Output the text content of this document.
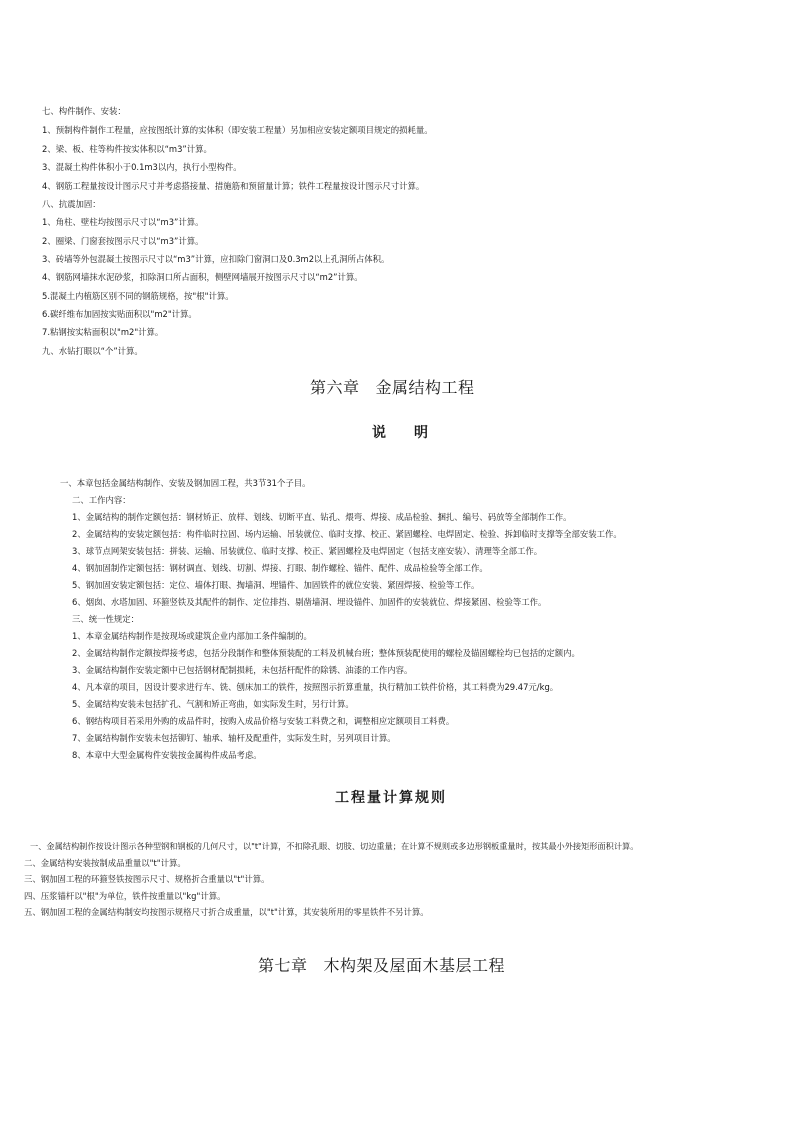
七、构件制作、安装：
1、预制构件制作工程量，应按图纸计算的实体积（即安装工程量）另加相应安装定额项目规定的损耗量。
2、梁、板、柱等构件按实体积以“m3”计算。
3、混凝土构件体积小于0.1m3以内，执行小型构件。
4、钢筋工程量按设计图示尺寸并考虑搭接量、措施筋和预留量计算；铁件工程量按设计图示尺寸计算。
八、抗震加固：
1、角柱、壁柱均按图示尺寸以“m3”计算。
2、圈梁、门窗套按图示尺寸以“m3”计算。
3、砖墙等外包混凝土按图示尺寸以“m3”计算，应扣除门窗洞口及0.3m2以上孔洞所占体积。
4、钢筋网墙抹水泥砂浆，扣除洞口所占面积，侧壁网墙展开按图示尺寸以“m2”计算。
5.混凝土内植筋区别不同的钢筋规格，按"根"计算。
6.碳纤维布加固按实贴面积以"m2"计算。
7.粘钢按实粘面积以"m2"计算。
九、水钻打眼以“个”计算。
第六章 金属结构工程
说明
一、本章包括金属结构制作、安装及钢加固工程，共3节31个子目。
二、工作内容：
1、金属结构的制作定额包括：钢材矫正、放样、划线、切断平直、钻孔、煨弯、焊接、成品检验、捆扎、编号、码放等全部制作工作。
2、金属结构的安装定额包括：构件临时拉固、场内运输、吊装就位、临时支撑、校正、紧固螺栓、电焊固定、检验、拆卸临时支撑等全部安装工作。
3、球节点网架安装包括：拼装、运输、吊装就位、临时支撑、校正、紧固螺栓及电焊固定（包括支座安装）、清理等全部工作。
4、钢加固制作定额包括：钢材调直、划线、切割、焊接、打眼、制作螺栓、锚件、配件、成品检验等全部工作。
5、钢加固安装定额包括：定位、墙体打眼、掏墙洞、埋锚件、加固铁件的就位安装、紧固焊接、检验等工作。
6、烟囱、水塔加固、环箍竖铁及其配件的制作、定位排挡、剔凿墙洞、埋设锚件、加固件的安装就位、焊接紧固、检验等工作。
三、统一性规定：
1、本章金属结构制作是按现场或建筑企业内部加工条件编制的。
2、金属结构制作定额按焊接考虑，包括分段制作和整体预装配的工料及机械台班；整体预装配使用的螺栓及锚固螺栓均已包括的定额内。
3、金属结构制作安装定额中已包括钢材配制损耗，未包括杆配件的除锈、油漆的工作内容。
4、凡本章的项目，因设计要求进行车、铣、刨床加工的铁件，按照图示折算重量，执行精加工铁件价格，其工料费为29.47元/kg。
5、金属结构安装未包括扩孔、气割和矫正弯曲，如实际发生时，另行计算。
6、钢结构项目若采用外购的成品件时，按购入成品价格与安装工料费之和，调整相应定额项目工料费。
7、金属结构制作安装未包括铆钉、轴承、轴杆及配重件，实际发生时，另列项目计算。
8、本章中大型金属构件安装按金属构件成品考虑。
工程量计算规则
一、金属结构制作按设计图示各种型钢和钢板的几何尺寸，以"t"计算，不扣除孔眼、切肢、切边重量；在计算不规则或多边形钢板重量时，按其最小外接矩形面积计算。
二、金属结构安装按制成品重量以"t"计算。
三、钢加固工程的环箍竖铁按图示尺寸、规格折合重量以"t"计算。
四、压浆锚杆以"根"为单位，铁件按重量以"kg"计算。
五、钢加固工程的金属结构制安均按图示规格尺寸折合成重量，以"t"计算，其安装所用的零星铁件不另计算。
第七章 木构架及屋面木基层工程
